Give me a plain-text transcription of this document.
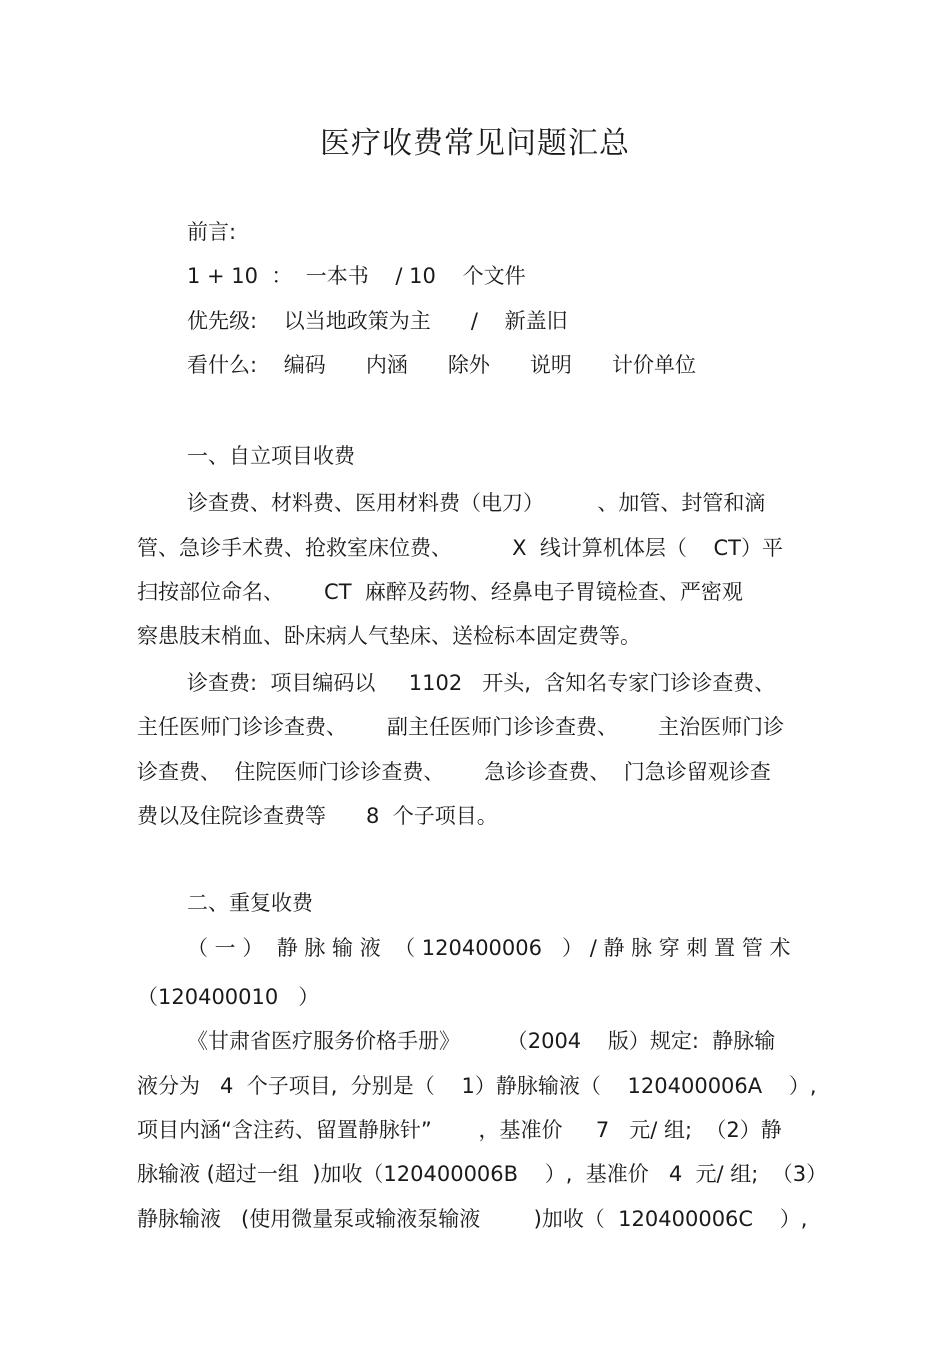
医疗收费常见问题汇总
前言:
1 + 10  ：  一本书    / 10    个文件
优先级:    以当地政策为主      /    新盖旧
看什么:    编码      内涵      除外      说明      计价单位
一、自立项目收费
诊查费、材料费、医用材料费（电刀）        、加管、封管和滴
管、急诊手术费、抢救室床位费、         X  线计算机体层（    CT）平
扫按部位命名、      CT  麻醉及药物、经鼻电子胃镜检查、严密观
察患肢末梢血、卧床病人气垫床、送检标本固定费等。
诊查费:  项目编码以     1102   开头,  含知名专家门诊诊查费、
主任医师门诊诊查费、      副主任医师门诊诊查费、      主治医师门诊
诊查费、  住院医师门诊诊查费、      急诊诊查费、  门急诊留观诊查
费以及住院诊查费等      8  个子项目。
二、重复收费
（ 一 ）  静 脉 输 液  （ 120400006   ） / 静 脉 穿 刺 置 管 术
（120400010   ）
《甘肃省医疗服务价格手册》       （2004    版）规定:  静脉输
液分为   4  个子项目,  分别是（    1）静脉输液（    120400006A    ）,
项目内涵“含注药、留置静脉针”       ，基准价     7   元/ 组;  （2）静
脉输液 (超过一组  )加收（120400006B    ）,  基准价   4  元/ 组;  （3）
静脉输液   (使用微量泵或输液泵输液        )加收（  120400006C    ）,
